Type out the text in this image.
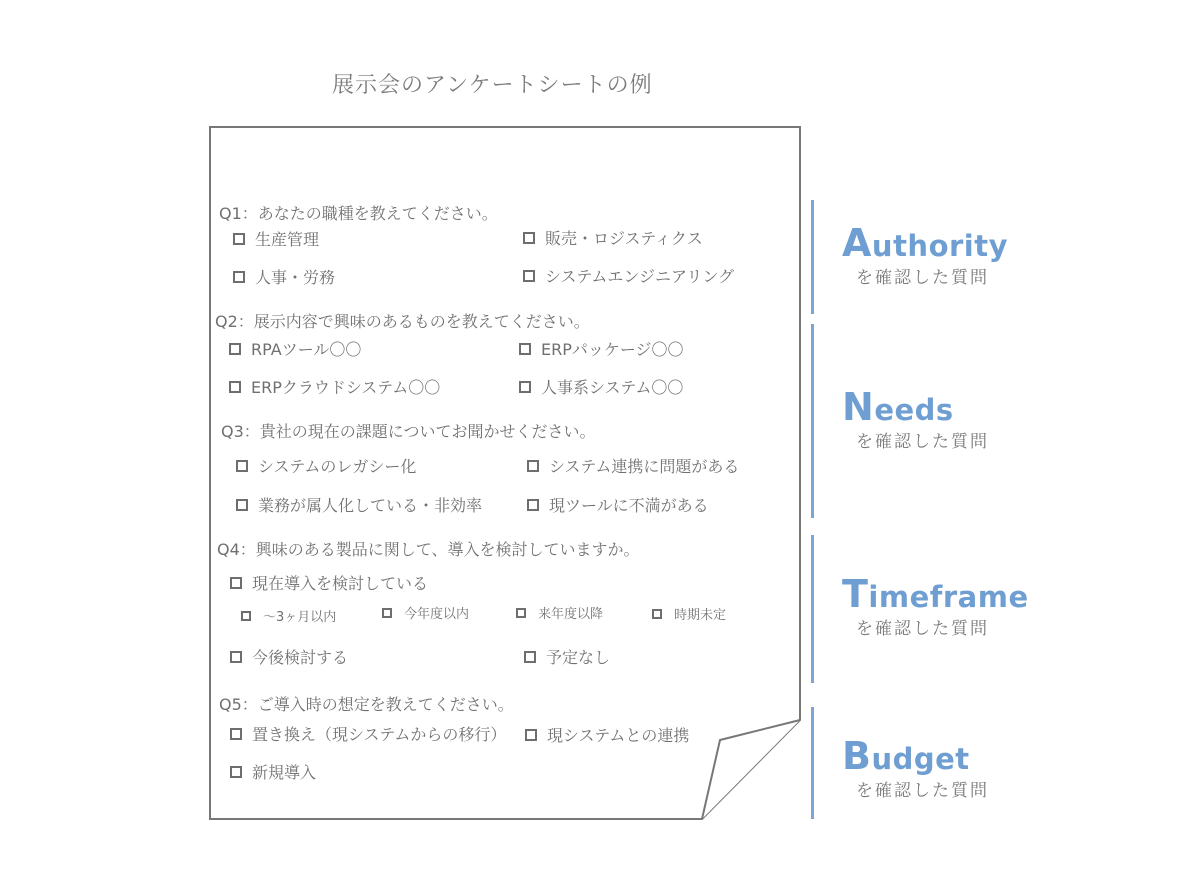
展示会のアンケートシートの例
Q1：あなたの職種を教えてください。
生産管理	販売・ロジスティクス
人事・労務	システムエンジニアリング
Q2：展示内容で興味のあるものを教えてください。
RPAツール〇〇	ERPパッケージ〇〇
ERPクラウドシステム〇〇	人事系システム〇〇
Q3：貴社の現在の課題についてお聞かせください。
システムのレガシー化	システム連携に問題がある
業務が属人化している・非効率	現ツールに不満がある
Q4：興味のある製品に関して、導入を検討していますか。
現在導入を検討している
〜3ヶ月以内	今年度以内	来年度以降	時期未定
今後検討する	予定なし
Q5：ご導入時の想定を教えてください。
置き換え（現システムからの移行）	現システムとの連携
新規導入
Authority
を確認した質問
Needs
を確認した質問
Timeframe
を確認した質問
Budget
を確認した質問
